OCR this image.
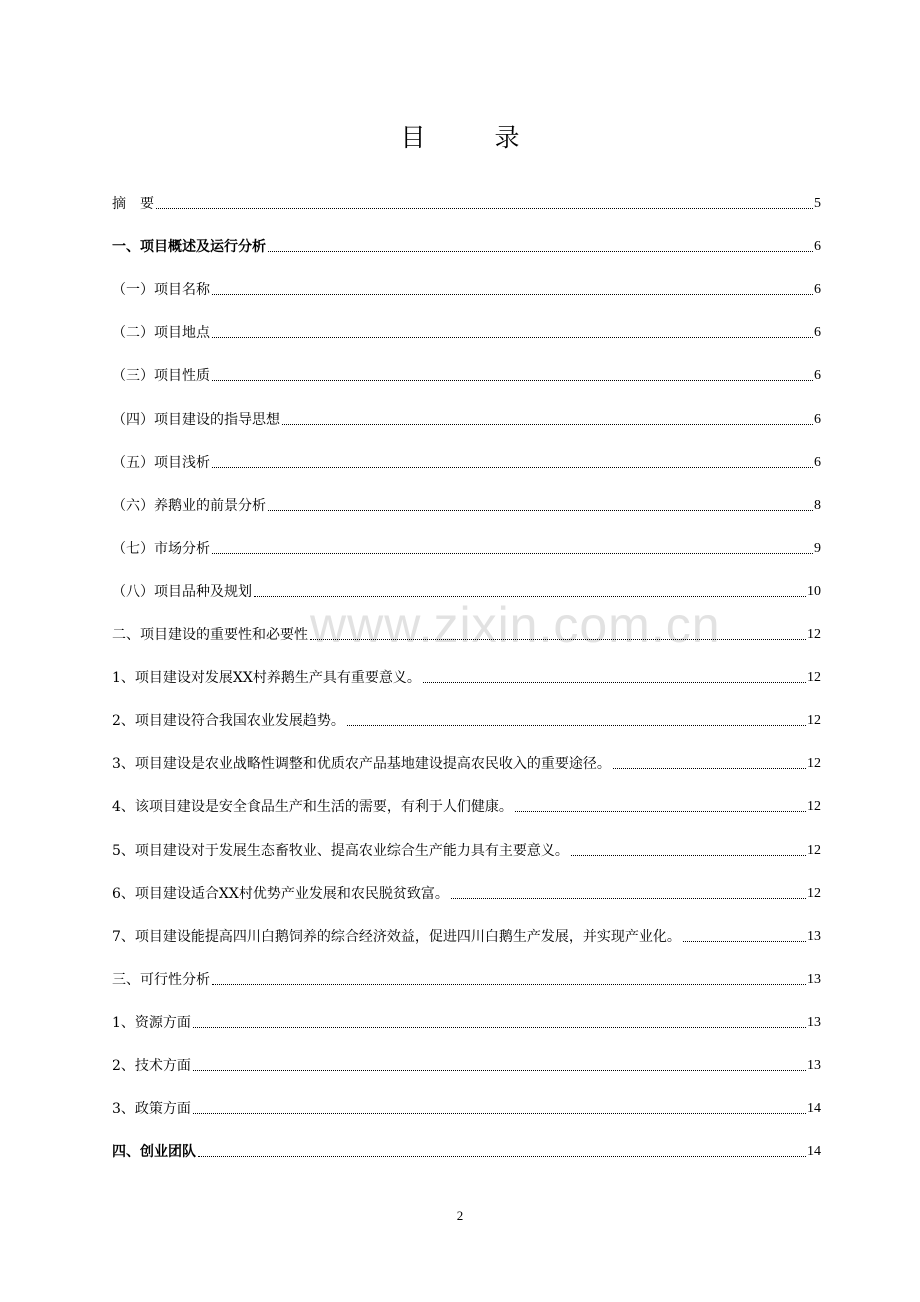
目　录
www.zixin.com.cn
摘　要	5
一、项目概述及运行分析	6
（一）项目名称	6
（二）项目地点	6
（三）项目性质	6
（四）项目建设的指导思想	6
（五）项目浅析	6
（六）养鹅业的前景分析	8
（七）市场分析	9
（八）项目品种及规划	10
二、项目建设的重要性和必要性	12
1、项目建设对发展XX村养鹅生产具有重要意义。	12
2、项目建设符合我国农业发展趋势。	12
3、项目建设是农业战略性调整和优质农产品基地建设提高农民收入的重要途径。	12
4、该项目建设是安全食品生产和生活的需要，有利于人们健康。	12
5、项目建设对于发展生态畜牧业、提高农业综合生产能力具有主要意义。	12
6、项目建设适合XX村优势产业发展和农民脱贫致富。	12
7、项目建设能提高四川白鹅饲养的综合经济效益，促进四川白鹅生产发展，并实现产业化。	13
三、可行性分析	13
1、资源方面	13
2、技术方面	13
3、政策方面	14
四、创业团队	14
2
